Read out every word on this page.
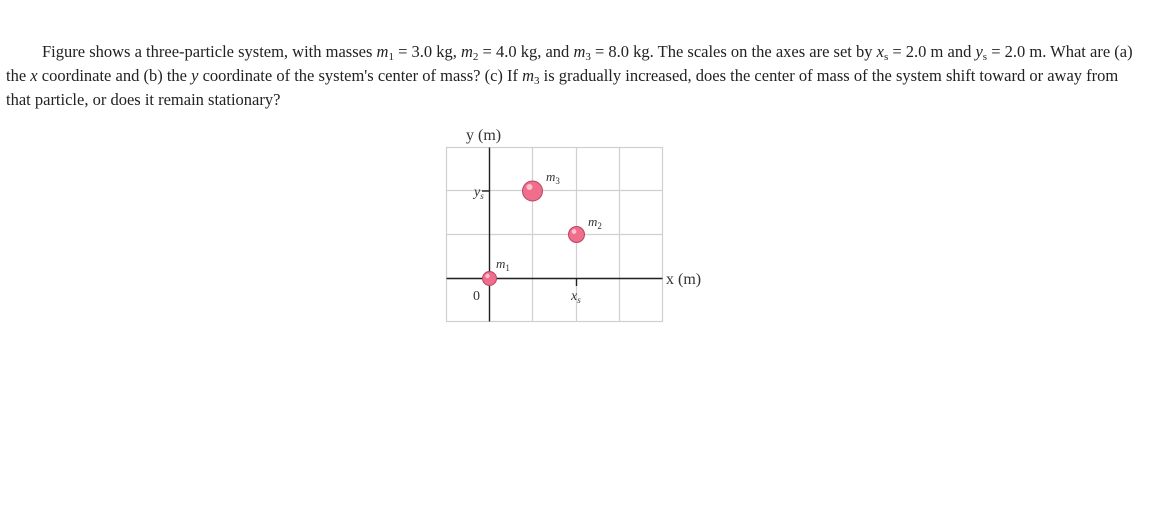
Figure shows a three-particle system, with masses $m_1 = 3.0$ kg, $m_2 = 4.0$ kg, and $m_3 = 8.0$ kg. The scales on the axes are set by $x_s = 2.0$ m and $y_s = 2.0$ m. What are (a) the x coordinate and (b) the y coordinate of the system's center of mass? (c) If $m_3$ is gradually increased, does the center of mass of the system shift toward or away from that particle, or does it remain stationary?

y (m)
x (m)
0
$y_s$
$x_s$
$m_1$
$m_2$
$m_3$
